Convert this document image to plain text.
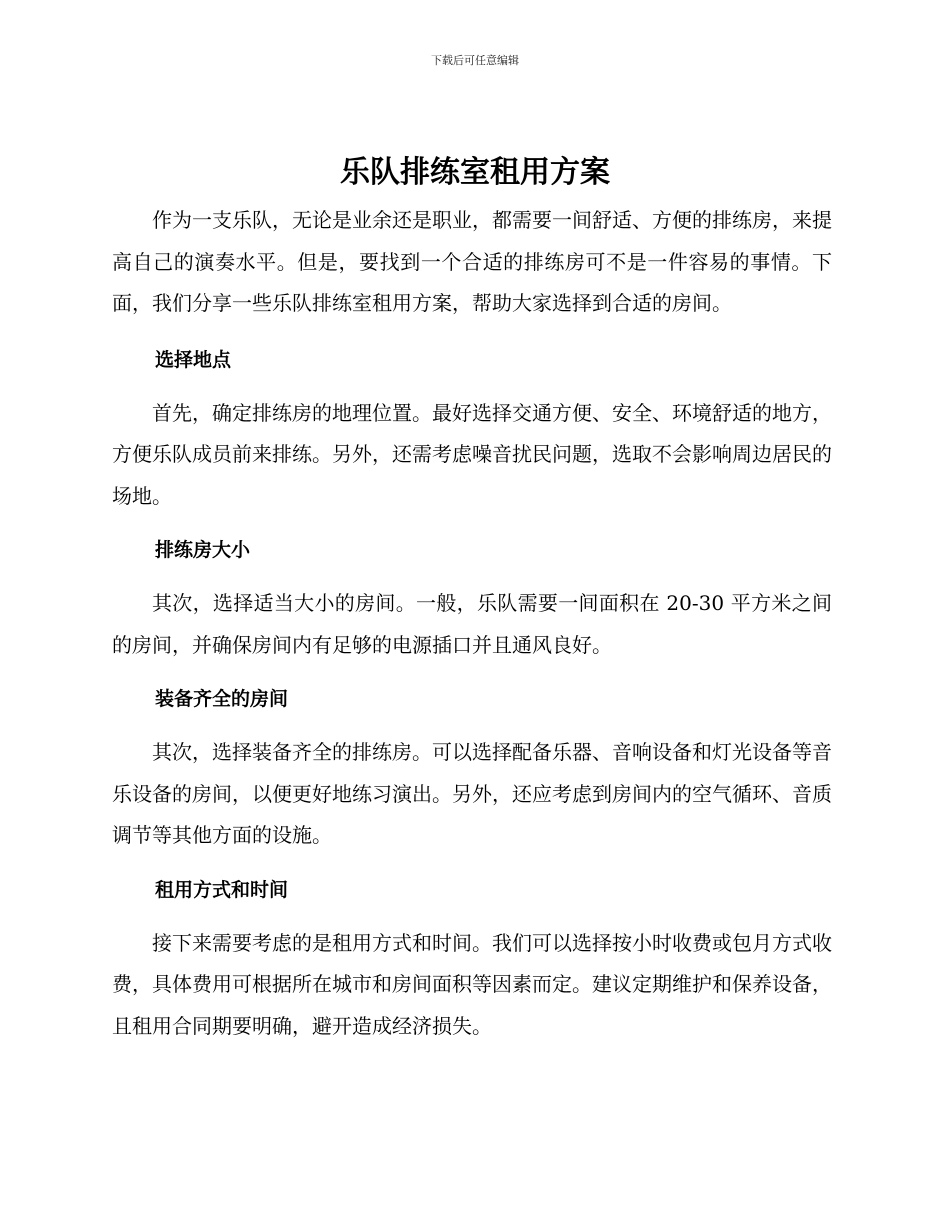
下载后可任意编辑
乐队排练室租用方案

作为一支乐队，无论是业余还是职业，都需要一间舒适、方便的排练房，来提高自己的演奏水平。但是，要找到一个合适的排练房可不是一件容易的事情。下面，我们分享一些乐队排练室租用方案，帮助大家选择到合适的房间。

选择地点

首先，确定排练房的地理位置。最好选择交通方便、安全、环境舒适的地方，方便乐队成员前来排练。另外，还需考虑噪音扰民问题，选取不会影响周边居民的场地。

排练房大小

其次，选择适当大小的房间。一般，乐队需要一间面积在 20-30 平方米之间的房间，并确保房间内有足够的电源插口并且通风良好。

装备齐全的房间

其次，选择装备齐全的排练房。可以选择配备乐器、音响设备和灯光设备等音乐设备的房间，以便更好地练习演出。另外，还应考虑到房间内的空气循环、音质调节等其他方面的设施。

租用方式和时间

接下来需要考虑的是租用方式和时间。我们可以选择按小时收费或包月方式收费，具体费用可根据所在城市和房间面积等因素而定。建议定期维护和保养设备，且租用合同期要明确，避开造成经济损失。
